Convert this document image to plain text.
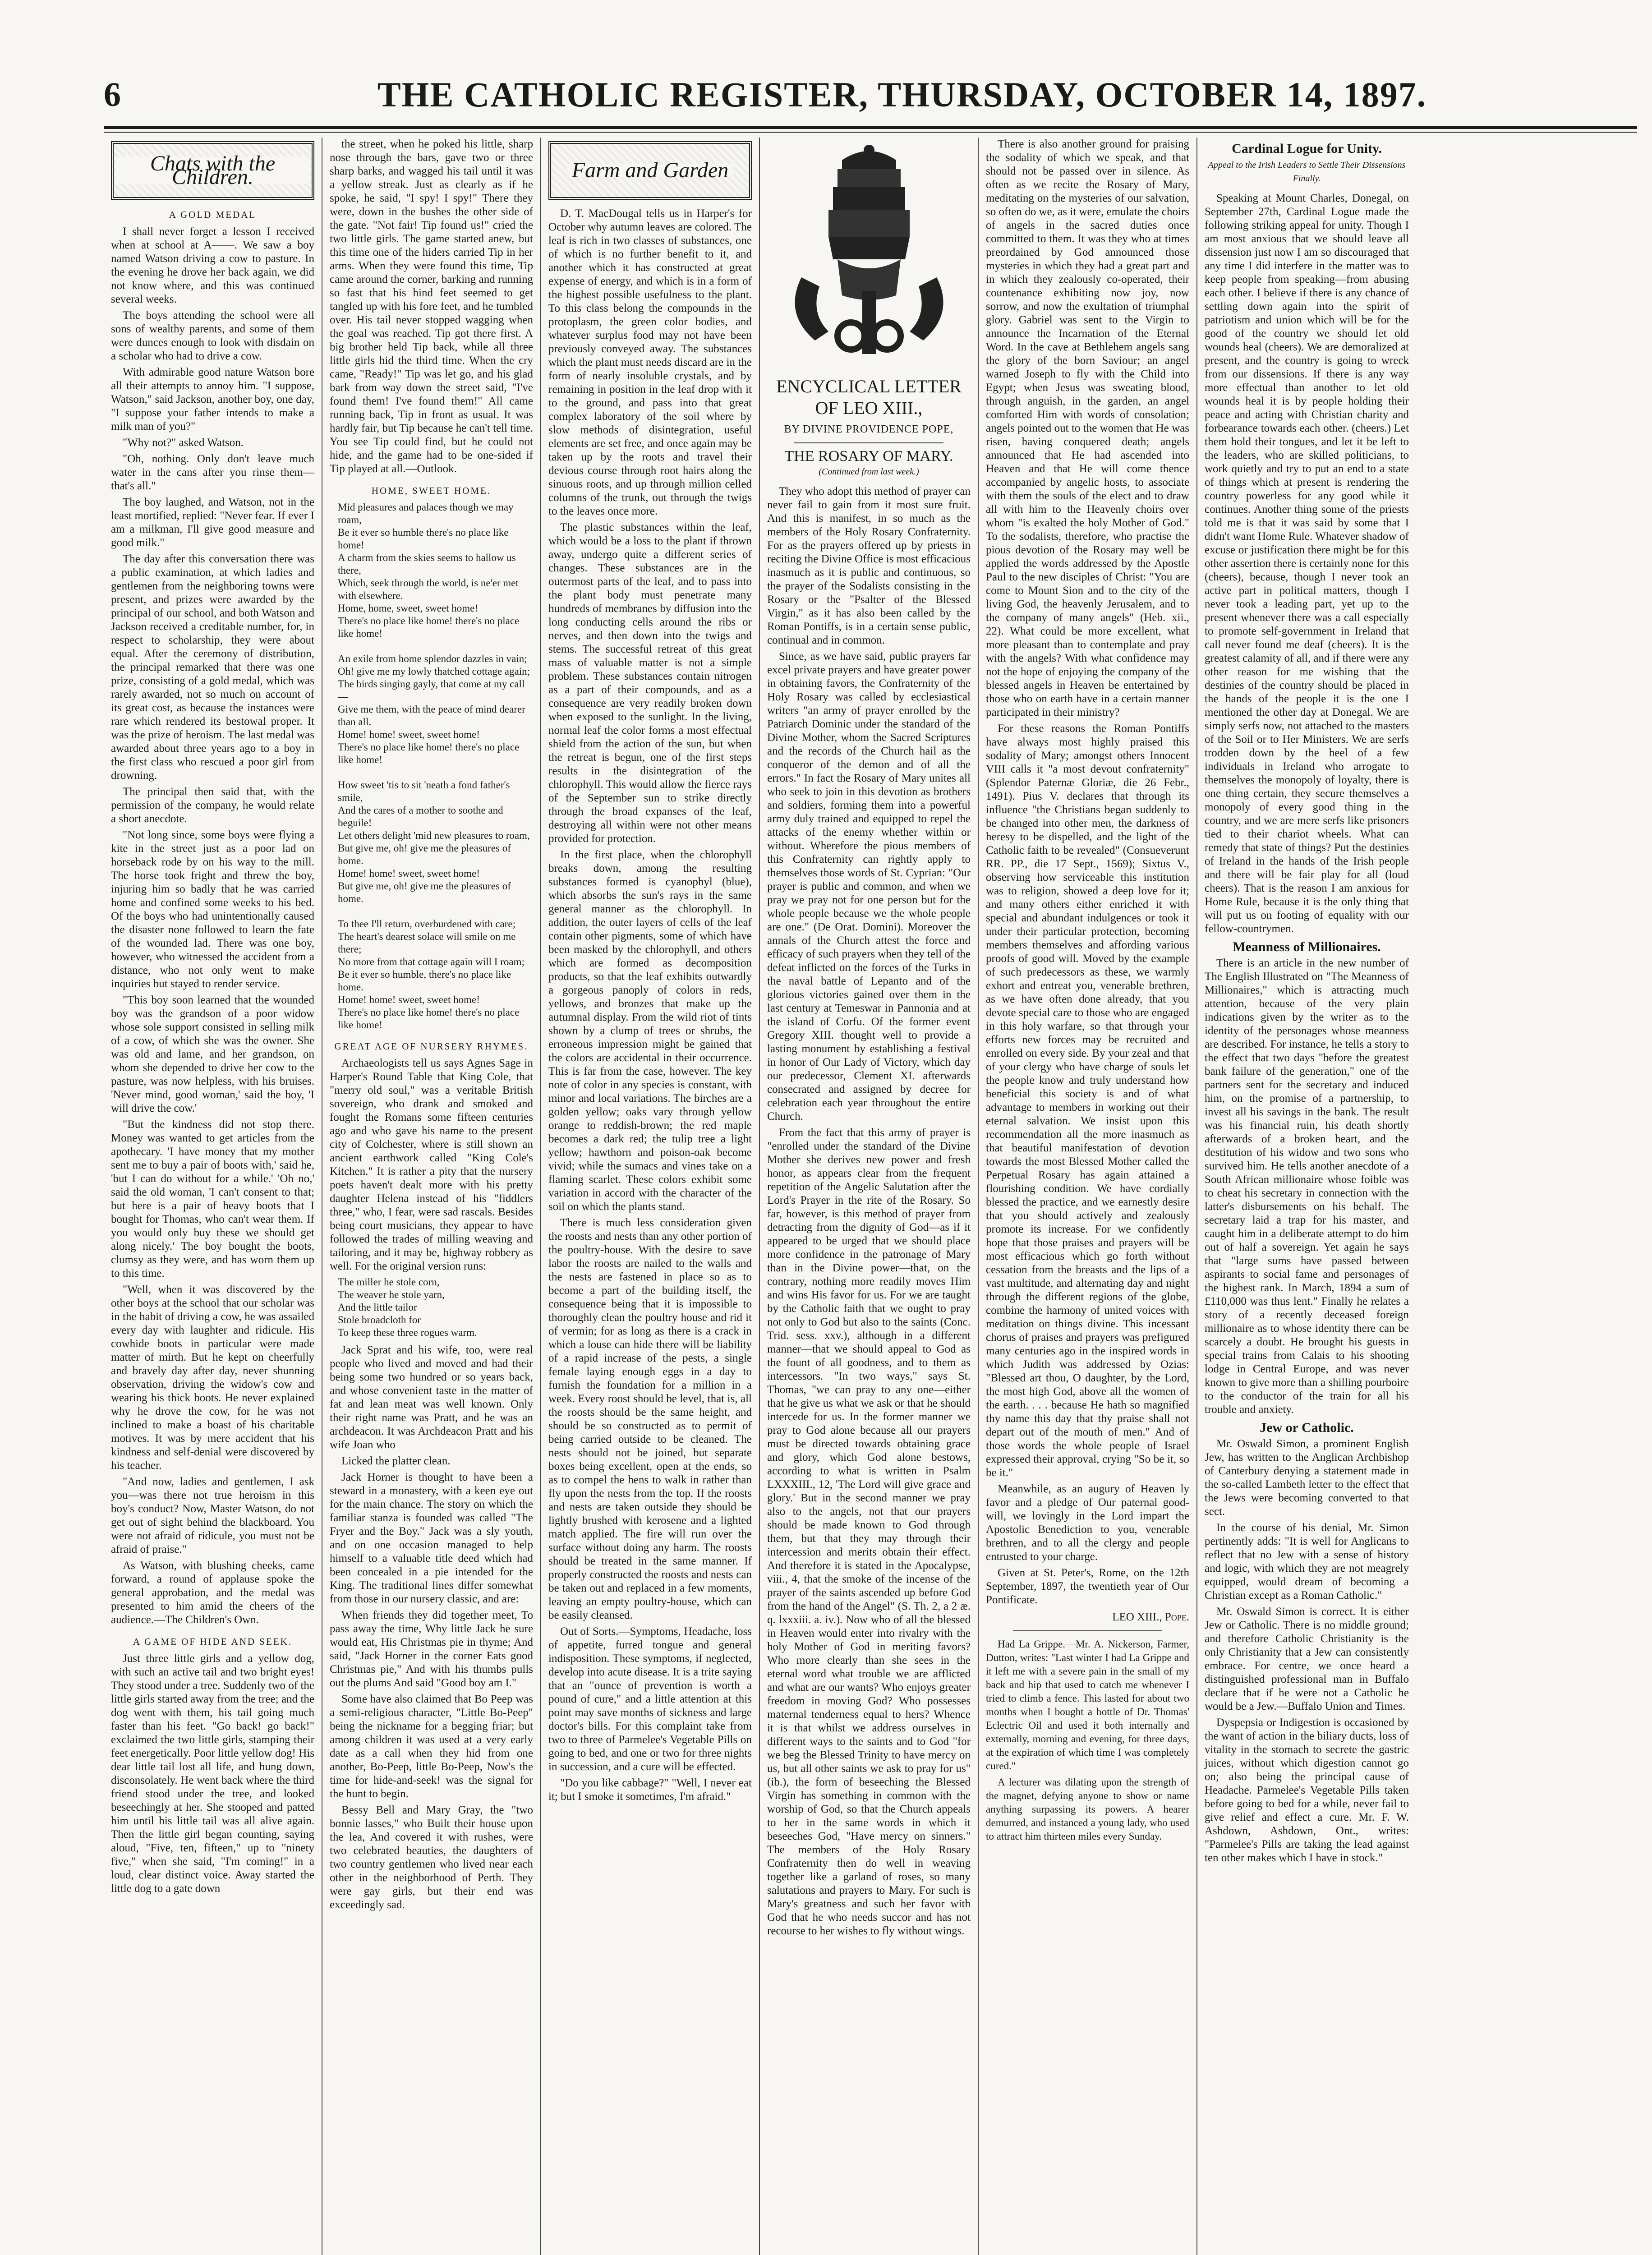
6	THE CATHOLIC REGISTER, THURSDAY, OCTOBER 14, 1897.
Chats with the Children.
A GOLD MEDAL

I shall never forget a lesson I received when at school at A——. We saw a boy named Watson driving a cow to pasture. In the evening he drove her back again, we did not know where, and this was continued several weeks.

The boys attending the school were all sons of wealthy parents, and some of them were dunces enough to look with disdain on a scholar who had to drive a cow.

With admirable good nature Watson bore all their attempts to annoy him. "I suppose, Watson," said Jackson, another boy, one day, "I suppose your father intends to make a milk man of you?"

"Why not?" asked Watson.

"Oh, nothing. Only don't leave much water in the cans after you rinse them—that's all."

The boy laughed, and Watson, not in the least mortified, replied: "Never fear. If ever I am a milkman, I'll give good measure and good milk."

The day after this conversation there was a public examination, at which ladies and gentlemen from the neighboring towns were present, and prizes were awarded by the principal of our school, and both Watson and Jackson received a creditable number, for, in respect to scholarship, they were about equal. After the ceremony of distribution, the principal remarked that there was one prize, consisting of a gold medal, which was rarely awarded, not so much on account of its great cost, as because the instances were rare which rendered its bestowal proper. It was the prize of heroism. The last medal was awarded about three years ago to a boy in the first class who rescued a poor girl from drowning.

The principal then said that, with the permission of the company, he would relate a short anecdote.

"Not long since, some boys were flying a kite in the street just as a poor lad on horseback rode by on his way to the mill. The horse took fright and threw the boy, injuring him so badly that he was carried home and confined some weeks to his bed. Of the boys who had unintentionally caused the disaster none followed to learn the fate of the wounded lad. There was one boy, however, who witnessed the accident from a distance, who not only went to make inquiries but stayed to render service.

"This boy soon learned that the wounded boy was the grandson of a poor widow whose sole support consisted in selling milk of a cow, of which she was the owner. She was old and lame, and her grandson, on whom she depended to drive her cow to the pasture, was now helpless, with his bruises. 'Never mind, good woman,' said the boy, 'I will drive the cow.'

"But the kindness did not stop there. Money was wanted to get articles from the apothecary. 'I have money that my mother sent me to buy a pair of boots with,' said he, 'but I can do without for a while.' 'Oh no,' said the old woman, 'I can't consent to that; but here is a pair of heavy boots that I bought for Thomas, who can't wear them. If you would only buy these we should get along nicely.' The boy bought the boots, clumsy as they were, and has worn them up to this time.

"Well, when it was discovered by the other boys at the school that our scholar was in the habit of driving a cow, he was assailed every day with laughter and ridicule. His cowhide boots in particular were made matter of mirth. But he kept on cheerfully and bravely day after day, never shunning observation, driving the widow's cow and wearing his thick boots. He never explained why he drove the cow, for he was not inclined to make a boast of his charitable motives. It was by mere accident that his kindness and self-denial were discovered by his teacher.

"And now, ladies and gentlemen, I ask you—was there not true heroism in this boy's conduct? Now, Master Watson, do not get out of sight behind the blackboard. You were not afraid of ridicule, you must not be afraid of praise."

As Watson, with blushing cheeks, came forward, a round of applause spoke the general approbation, and the medal was presented to him amid the cheers of the audience.—The Children's Own.

A GAME OF HIDE AND SEEK.

Just three little girls and a yellow dog, with such an active tail and two bright eyes! They stood under a tree. Suddenly two of the little girls started away from the tree; and the dog went with them, his tail going much faster than his feet. "Go back! go back!" exclaimed the two little girls, stamping their feet energetically. Poor little yellow dog! His dear little tail lost all life, and hung down, disconsolately. He went back where the third friend stood under the tree, and looked beseechingly at her. She stooped and patted him until his little tail was all alive again. Then the little girl began counting, saying aloud, "Five, ten, fifteen," up to "ninety five," when she said, "I'm coming!" in a loud, clear distinct voice. Away started the little dog to a gate down

the street, when he poked his little, sharp nose through the bars, gave two or three sharp barks, and wagged his tail until it was a yellow streak. Just as clearly as if he spoke, he said, "I spy! I spy!" There they were, down in the bushes the other side of the gate. "Not fair! Tip found us!" cried the two little girls. The game started anew, but this time one of the hiders carried Tip in her arms. When they were found this time, Tip came around the corner, barking and running so fast that his hind feet seemed to get tangled up with his fore feet, and he tumbled over. His tail never stopped wagging when the goal was reached. Tip got there first. A big brother held Tip back, while all three little girls hid the third time. When the cry came, "Ready!" Tip was let go, and his glad bark from way down the street said, "I've found them! I've found them!" All came running back, Tip in front as usual. It was hardly fair, but Tip because he can't tell time. You see Tip could find, but he could not hide, and the game had to be one-sided if Tip played at all.—Outlook.

HOME, SWEET HOME.
Mid pleasures and palaces though we may roam,
Be it ever so humble there's no place like home!
A charm from the skies seems to hallow us there,
Which, seek through the world, is ne'er met with elsewhere.
Home, home, sweet, sweet home!
There's no place like home! there's no place like home!

An exile from home splendor dazzles in vain;
Oh! give me my lowly thatched cottage again;
The birds singing gayly, that come at my call—
Give me them, with the peace of mind dearer than all.
Home! home! sweet, sweet home!
There's no place like home! there's no place like home!

How sweet 'tis to sit 'neath a fond father's smile,
And the cares of a mother to soothe and beguile!
Let others delight 'mid new pleasures to roam,
But give me, oh! give me the pleasures of home.
Home! home! sweet, sweet home!
But give me, oh! give me the pleasures of home.

To thee I'll return, overburdened with care;
The heart's dearest solace will smile on me there;
No more from that cottage again will I roam;
Be it ever so humble, there's no place like home.
Home! home! sweet, sweet home!
There's no place like home! there's no place like home!
GREAT AGE OF NURSERY RHYMES.

Archaeologists tell us says Agnes Sage in Harper's Round Table that King Cole, that "merry old soul," was a veritable British sovereign, who drank and smoked and fought the Romans some fifteen centuries ago and who gave his name to the present city of Colchester, where is still shown an ancient earthwork called "King Cole's Kitchen." It is rather a pity that the nursery poets haven't dealt more with his pretty daughter Helena instead of his "fiddlers three," who, I fear, were sad rascals. Besides being court musicians, they appear to have followed the trades of milling weaving and tailoring, and it may be, highway robbery as well. For the original version runs:

The miller he stole corn,
The weaver he stole yarn,
And the little tailor
Stole broadcloth for
To keep these three rogues warm.

Jack Sprat and his wife, too, were real people who lived and moved and had their being some two hundred or so years back, and whose convenient taste in the matter of fat and lean meat was well known. Only their right name was Pratt, and he was an archdeacon. It was Archdeacon Pratt and his wife Joan who

Licked the platter clean.

Jack Horner is thought to have been a steward in a monastery, with a keen eye out for the main chance. The story on which the familiar stanza is founded was called "The Fryer and the Boy." Jack was a sly youth, and on one occasion managed to help himself to a valuable title deed which had been concealed in a pie intended for the King. The traditional lines differ somewhat from those in our nursery classic, and are:

When friends they did together meet, To pass away the time, Why little Jack he sure would eat, His Christmas pie in thyme; And said, "Jack Horner in the corner Eats good Christmas pie," And with his thumbs pulls out the plums And said "Good boy am I."

Some have also claimed that Bo Peep was a semi-religious character, "Little Bo-Peep" being the nickname for a begging friar; but among children it was used at a very early date as a call when they hid from one another, Bo-Peep, little Bo-Peep, Now's the time for hide-and-seek! was the signal for the hunt to begin.

Bessy Bell and Mary Gray, the "two bonnie lasses," who Built their house upon the lea, And covered it with rushes, were two celebrated beauties, the daughters of two country gentlemen who lived near each other in the neighborhood of Perth. They were gay girls, but their end was exceedingly sad.

Farm and Garden

D. T. MacDougal tells us in Harper's for October why autumn leaves are colored. The leaf is rich in two classes of substances, one of which is no further benefit to it, and another which it has constructed at great expense of energy, and which is in a form of the highest possible usefulness to the plant. To this class belong the compounds in the protoplasm, the green color bodies, and whatever surplus food may not have been previously conveyed away. The substances which the plant must needs discard are in the form of nearly insoluble crystals, and by remaining in position in the leaf drop with it to the ground, and pass into that great complex laboratory of the soil where by slow methods of disintegration, useful elements are set free, and once again may be taken up by the roots and travel their devious course through root hairs along the sinuous roots, and up through million celled columns of the trunk, out through the twigs to the leaves once more.

The plastic substances within the leaf, which would be a loss to the plant if thrown away, undergo quite a different series of changes. These substances are in the outermost parts of the leaf, and to pass into the plant body must penetrate many hundreds of membranes by diffusion into the long conducting cells around the ribs or nerves, and then down into the twigs and stems. The successful retreat of this great mass of valuable matter is not a simple problem. These substances contain nitrogen as a part of their compounds, and as a consequence are very readily broken down when exposed to the sunlight. In the living, normal leaf the color forms a most effectual shield from the action of the sun, but when the retreat is begun, one of the first steps results in the disintegration of the chlorophyll. This would allow the fierce rays of the September sun to strike directly through the broad expanses of the leaf, destroying all within were not other means provided for protection.

In the first place, when the chlorophyll breaks down, among the resulting substances formed is cyanophyl (blue), which absorbs the sun's rays in the same general manner as the chlorophyll. In addition, the outer layers of cells of the leaf contain other pigments, some of which have been masked by the chlorophyll, and others which are formed as decomposition products, so that the leaf exhibits outwardly a gorgeous panoply of colors in reds, yellows, and bronzes that make up the autumnal display. From the wild riot of tints shown by a clump of trees or shrubs, the erroneous impression might be gained that the colors are accidental in their occurrence. This is far from the case, however. The key note of color in any species is constant, with minor and local variations. The birches are a golden yellow; oaks vary through yellow orange to reddish-brown; the red maple becomes a dark red; the tulip tree a light yellow; hawthorn and poison-oak become vivid; while the sumacs and vines take on a flaming scarlet. These colors exhibit some variation in accord with the character of the soil on which the plants stand.

There is much less consideration given the roosts and nests than any other portion of the poultry-house. With the desire to save labor the roosts are nailed to the walls and the nests are fastened in place so as to become a part of the building itself, the consequence being that it is impossible to thoroughly clean the poultry house and rid it of vermin; for as long as there is a crack in which a louse can hide there will be liability of a rapid increase of the pests, a single female laying enough eggs in a day to furnish the foundation for a million in a week. Every roost should be level, that is, all the roosts should be the same height, and should be so constructed as to permit of being carried outside to be cleaned. The nests should not be joined, but separate boxes being excellent, open at the ends, so as to compel the hens to walk in rather than fly upon the nests from the top. If the roosts and nests are taken outside they should be lightly brushed with kerosene and a lighted match applied. The fire will run over the surface without doing any harm. The roosts should be treated in the same manner. If properly constructed the roosts and nests can be taken out and replaced in a few moments, leaving an empty poultry-house, which can be easily cleansed.

Out of Sorts.—Symptoms, Headache, loss of appetite, furred tongue and general indisposition. These symptoms, if neglected, develop into acute disease. It is a trite saying that an "ounce of prevention is worth a pound of cure," and a little attention at this point may save months of sickness and large doctor's bills. For this complaint take from two to three of Parmelee's Vegetable Pills on going to bed, and one or two for three nights in succession, and a cure will be effected.

"Do you like cabbage?" "Well, I never eat it; but I smoke it sometimes, I'm afraid."

ENCYCLICAL LETTER OF LEO XIII.,
BY DIVINE PROVIDENCE POPE,
THE ROSARY OF MARY.
(Continued from last week.)

They who adopt this method of prayer can never fail to gain from it most sure fruit. And this is manifest, in so much as the members of the Holy Rosary Confraternity. For as the prayers offered up by priests in reciting the Divine Office is most efficacious inasmuch as it is public and continuous, so the prayer of the Sodalists consisting in the Rosary or the "Psalter of the Blessed Virgin," as it has also been called by the Roman Pontiffs, is in a certain sense public, continual and in common.

Since, as we have said, public prayers far excel private prayers and have greater power in obtaining favors, the Confraternity of the Holy Rosary was called by ecclesiastical writers "an army of prayer enrolled by the Patriarch Dominic under the standard of the Divine Mother, whom the Sacred Scriptures and the records of the Church hail as the conqueror of the demon and of all the errors." In fact the Rosary of Mary unites all who seek to join in this devotion as brothers and soldiers, forming them into a powerful army duly trained and equipped to repel the attacks of the enemy whether within or without. Wherefore the pious members of this Confraternity can rightly apply to themselves those words of St. Cyprian: "Our prayer is public and common, and when we pray we pray not for one person but for the whole people because we the whole people are one." (De Orat. Domini). Moreover the annals of the Church attest the force and efficacy of such prayers when they tell of the defeat inflicted on the forces of the Turks in the naval battle of Lepanto and of the glorious victories gained over them in the last century at Temeswar in Pannonia and at the island of Corfu. Of the former event Gregory XIII. thought well to provide a lasting monument by establishing a festival in honor of Our Lady of Victory, which day our predecessor, Clement XI. afterwards consecrated and assigned by decree for celebration each year throughout the entire Church.

From the fact that this army of prayer is "enrolled under the standard of the Divine Mother she derives new power and fresh honor, as appears clear from the frequent repetition of the Angelic Salutation after the Lord's Prayer in the rite of the Rosary. So far, however, is this method of prayer from detracting from the dignity of God—as if it appeared to be urged that we should place more confidence in the patronage of Mary than in the Divine power—that, on the contrary, nothing more readily moves Him and wins His favor for us. For we are taught by the Catholic faith that we ought to pray not only to God but also to the saints (Conc. Trid. sess. xxv.), although in a different manner—that we should appeal to God as the fount of all goodness, and to them as intercessors. "In two ways," says St. Thomas, "we can pray to any one—either that he give us what we ask or that he should intercede for us. In the former manner we pray to God alone because all our prayers must be directed towards obtaining grace and glory, which God alone bestows, according to what is written in Psalm LXXXIII., 12, 'The Lord will give grace and glory.' But in the second manner we pray also to the angels, not that our prayers should be made known to God through them, but that they may through their intercession and merits obtain their effect. And therefore it is stated in the Apocalypse, viii., 4, that the smoke of the incense of the prayer of the saints ascended up before God from the hand of the Angel" (S. Th. 2, a 2 æ. q. lxxxiii. a. iv.). Now who of all the blessed in Heaven would enter into rivalry with the holy Mother of God in meriting favors? Who more clearly than she sees in the eternal word what trouble we are afflicted and what are our wants? Who enjoys greater freedom in moving God? Who possesses maternal tenderness equal to hers? Whence it is that whilst we address ourselves in different ways to the saints and to God "for we beg the Blessed Trinity to have mercy on us, but all other saints we ask to pray for us" (ib.), the form of beseeching the Blessed Virgin has something in common with the worship of God, so that the Church appeals to her in the same words in which it beseeches God, "Have mercy on sinners." The members of the Holy Rosary Confraternity then do well in weaving together like a garland of roses, so many salutations and prayers to Mary. For such is Mary's greatness and such her favor with God that he who needs succor and has not recourse to her wishes to fly without wings.

There is also another ground for praising the sodality of which we speak, and that should not be passed over in silence. As often as we recite the Rosary of Mary, meditating on the mysteries of our salvation, so often do we, as it were, emulate the choirs of angels in the sacred duties once committed to them. It was they who at times preordained by God announced those mysteries in which they had a great part and in which they zealously co-operated, their countenance exhibiting now joy, now sorrow, and now the exultation of triumphal glory. Gabriel was sent to the Virgin to announce the Incarnation of the Eternal Word. In the cave at Bethlehem angels sang the glory of the born Saviour; an angel warned Joseph to fly with the Child into Egypt; when Jesus was sweating blood, through anguish, in the garden, an angel comforted Him with words of consolation; angels pointed out to the women that He was risen, having conquered death; angels announced that He had ascended into Heaven and that He will come thence accompanied by angelic hosts, to associate with them the souls of the elect and to draw all with him to the Heavenly choirs over whom "is exalted the holy Mother of God." To the sodalists, therefore, who practise the pious devotion of the Rosary may well be applied the words addressed by the Apostle Paul to the new disciples of Christ: "You are come to Mount Sion and to the city of the living God, the heavenly Jerusalem, and to the company of many angels" (Heb. xii., 22). What could be more excellent, what more pleasant than to contemplate and pray with the angels? With what confidence may not the hope of enjoying the company of the blessed angels in Heaven be entertained by those who on earth have in a certain manner participated in their ministry?

For these reasons the Roman Pontiffs have always most highly praised this sodality of Mary; amongst others Innocent VIII calls it "a most devout confraternity" (Splendor Paternæ Gloriæ, die 26 Febr., 1491). Pius V. declares that through its influence "the Christians began suddenly to be changed into other men, the darkness of heresy to be dispelled, and the light of the Catholic faith to be revealed" (Consueverunt RR. PP., die 17 Sept., 1569); Sixtus V., observing how serviceable this institution was to religion, showed a deep love for it; and many others either enriched it with special and abundant indulgences or took it under their particular protection, becoming members themselves and affording various proofs of good will. Moved by the example of such predecessors as these, we warmly exhort and entreat you, venerable brethren, as we have often done already, that you devote special care to those who are engaged in this holy warfare, so that through your efforts new forces may be recruited and enrolled on every side. By your zeal and that of your clergy who have charge of souls let the people know and truly understand how beneficial this society is and of what advantage to members in working out their eternal salvation. We insist upon this recommendation all the more inasmuch as that beautiful manifestation of devotion towards the most Blessed Mother called the Perpetual Rosary has again attained a flourishing condition. We have cordially blessed the practice, and we earnestly desire that you should actively and zealously promote its increase. For we confidently hope that those praises and prayers will be most efficacious which go forth without cessation from the breasts and the lips of a vast multitude, and alternating day and night through the different regions of the globe, combine the harmony of united voices with meditation on things divine. This incessant chorus of praises and prayers was prefigured many centuries ago in the inspired words in which Judith was addressed by Ozias: "Blessed art thou, O daughter, by the Lord, the most high God, above all the women of the earth. . . . because He hath so magnified thy name this day that thy praise shall not depart out of the mouth of men." And of those words the whole people of Israel expressed their approval, crying "So be it, so be it."

Meanwhile, as an augury of Heaven ly favor and a pledge of Our paternal good-will, we lovingly in the Lord impart the Apostolic Benediction to you, venerable brethren, and to all the clergy and people entrusted to your charge.

Given at St. Peter's, Rome, on the 12th September, 1897, the twentieth year of Our Pontificate.

LEO XIII., Pope.

Had La Grippe.—Mr. A. Nickerson, Farmer, Dutton, writes: "Last winter I had La Grippe and it left me with a severe pain in the small of my back and hip that used to catch me whenever I tried to climb a fence. This lasted for about two months when I bought a bottle of Dr. Thomas' Eclectric Oil and used it both internally and externally, morning and evening, for three days, at the expiration of which time I was completely cured."

A lecturer was dilating upon the strength of the magnet, defying anyone to show or name anything surpassing its powers. A hearer demurred, and instanced a young lady, who used to attract him thirteen miles every Sunday.

Cardinal Logue for Unity.
Appeal to the Irish Leaders to Settle Their Dissensions Finally.

Speaking at Mount Charles, Donegal, on September 27th, Cardinal Logue made the following striking appeal for unity. Though I am most anxious that we should leave all dissension just now I am so discouraged that any time I did interfere in the matter was to keep people from speaking—from abusing each other. I believe if there is any chance of settling down again into the spirit of patriotism and union which will be for the good of the country we should let old wounds heal (cheers). We are demoralized at present, and the country is going to wreck from our dissensions. If there is any way more effectual than another to let old wounds heal it is by people holding their peace and acting with Christian charity and forbearance towards each other. (cheers.) Let them hold their tongues, and let it be left to the leaders, who are skilled politicians, to work quietly and try to put an end to a state of things which at present is rendering the country powerless for any good while it continues. Another thing some of the priests told me is that it was said by some that I didn't want Home Rule. Whatever shadow of excuse or justification there might be for this other assertion there is certainly none for this (cheers), because, though I never took an active part in political matters, though I never took a leading part, yet up to the present whenever there was a call especially to promote self-government in Ireland that call never found me deaf (cheers). It is the greatest calamity of all, and if there were any other reason for me wishing that the destinies of the country should be placed in the hands of the people it is the one I mentioned the other day at Donegal. We are simply serfs now, not attached to the masters of the Soil or to Her Ministers. We are serfs trodden down by the heel of a few individuals in Ireland who arrogate to themselves the monopoly of loyalty, there is one thing certain, they secure themselves a monopoly of every good thing in the country, and we are mere serfs like prisoners tied to their chariot wheels. What can remedy that state of things? Put the destinies of Ireland in the hands of the Irish people and there will be fair play for all (loud cheers). That is the reason I am anxious for Home Rule, because it is the only thing that will put us on footing of equality with our fellow-countrymen.

Meanness of Millionaires.

There is an article in the new number of The English Illustrated on "The Meanness of Millionaires," which is attracting much attention, because of the very plain indications given by the writer as to the identity of the personages whose meanness are described. For instance, he tells a story to the effect that two days "before the greatest bank failure of the generation," one of the partners sent for the secretary and induced him, on the promise of a partnership, to invest all his savings in the bank. The result was his financial ruin, his death shortly afterwards of a broken heart, and the destitution of his widow and two sons who survived him. He tells another anecdote of a South African millionaire whose foible was to cheat his secretary in connection with the latter's disbursements on his behalf. The secretary laid a trap for his master, and caught him in a deliberate attempt to do him out of half a sovereign. Yet again he says that "large sums have passed between aspirants to social fame and personages of the highest rank. In March, 1894 a sum of £110,000 was thus lent." Finally he relates a story of a recently deceased foreign millionaire as to whose identity there can be scarcely a doubt. He brought his guests in special trains from Calais to his shooting lodge in Central Europe, and was never known to give more than a shilling pourboire to the conductor of the train for all his trouble and anxiety.

Jew or Catholic.

Mr. Oswald Simon, a prominent English Jew, has written to the Anglican Archbishop of Canterbury denying a statement made in the so-called Lambeth letter to the effect that the Jews were becoming converted to that sect.

In the course of his denial, Mr. Simon pertinently adds: "It is well for Anglicans to reflect that no Jew with a sense of history and logic, with which they are not meagrely equipped, would dream of becoming a Christian except as a Roman Catholic."

Mr. Oswald Simon is correct. It is either Jew or Catholic. There is no middle ground; and therefore Catholic Christianity is the only Christianity that a Jew can consistently embrace. For centre, we once heard a distinguished professional man in Buffalo declare that if he were not a Catholic he would be a Jew.—Buffalo Union and Times.

Dyspepsia or Indigestion is occasioned by the want of action in the biliary ducts, loss of vitality in the stomach to secrete the gastric juices, without which digestion cannot go on; also being the principal cause of Headache. Parmelee's Vegetable Pills taken before going to bed for a while, never fail to give relief and effect a cure. Mr. F. W. Ashdown, Ashdown, Ont., writes: "Parmelee's Pills are taking the lead against ten other makes which I have in stock."
